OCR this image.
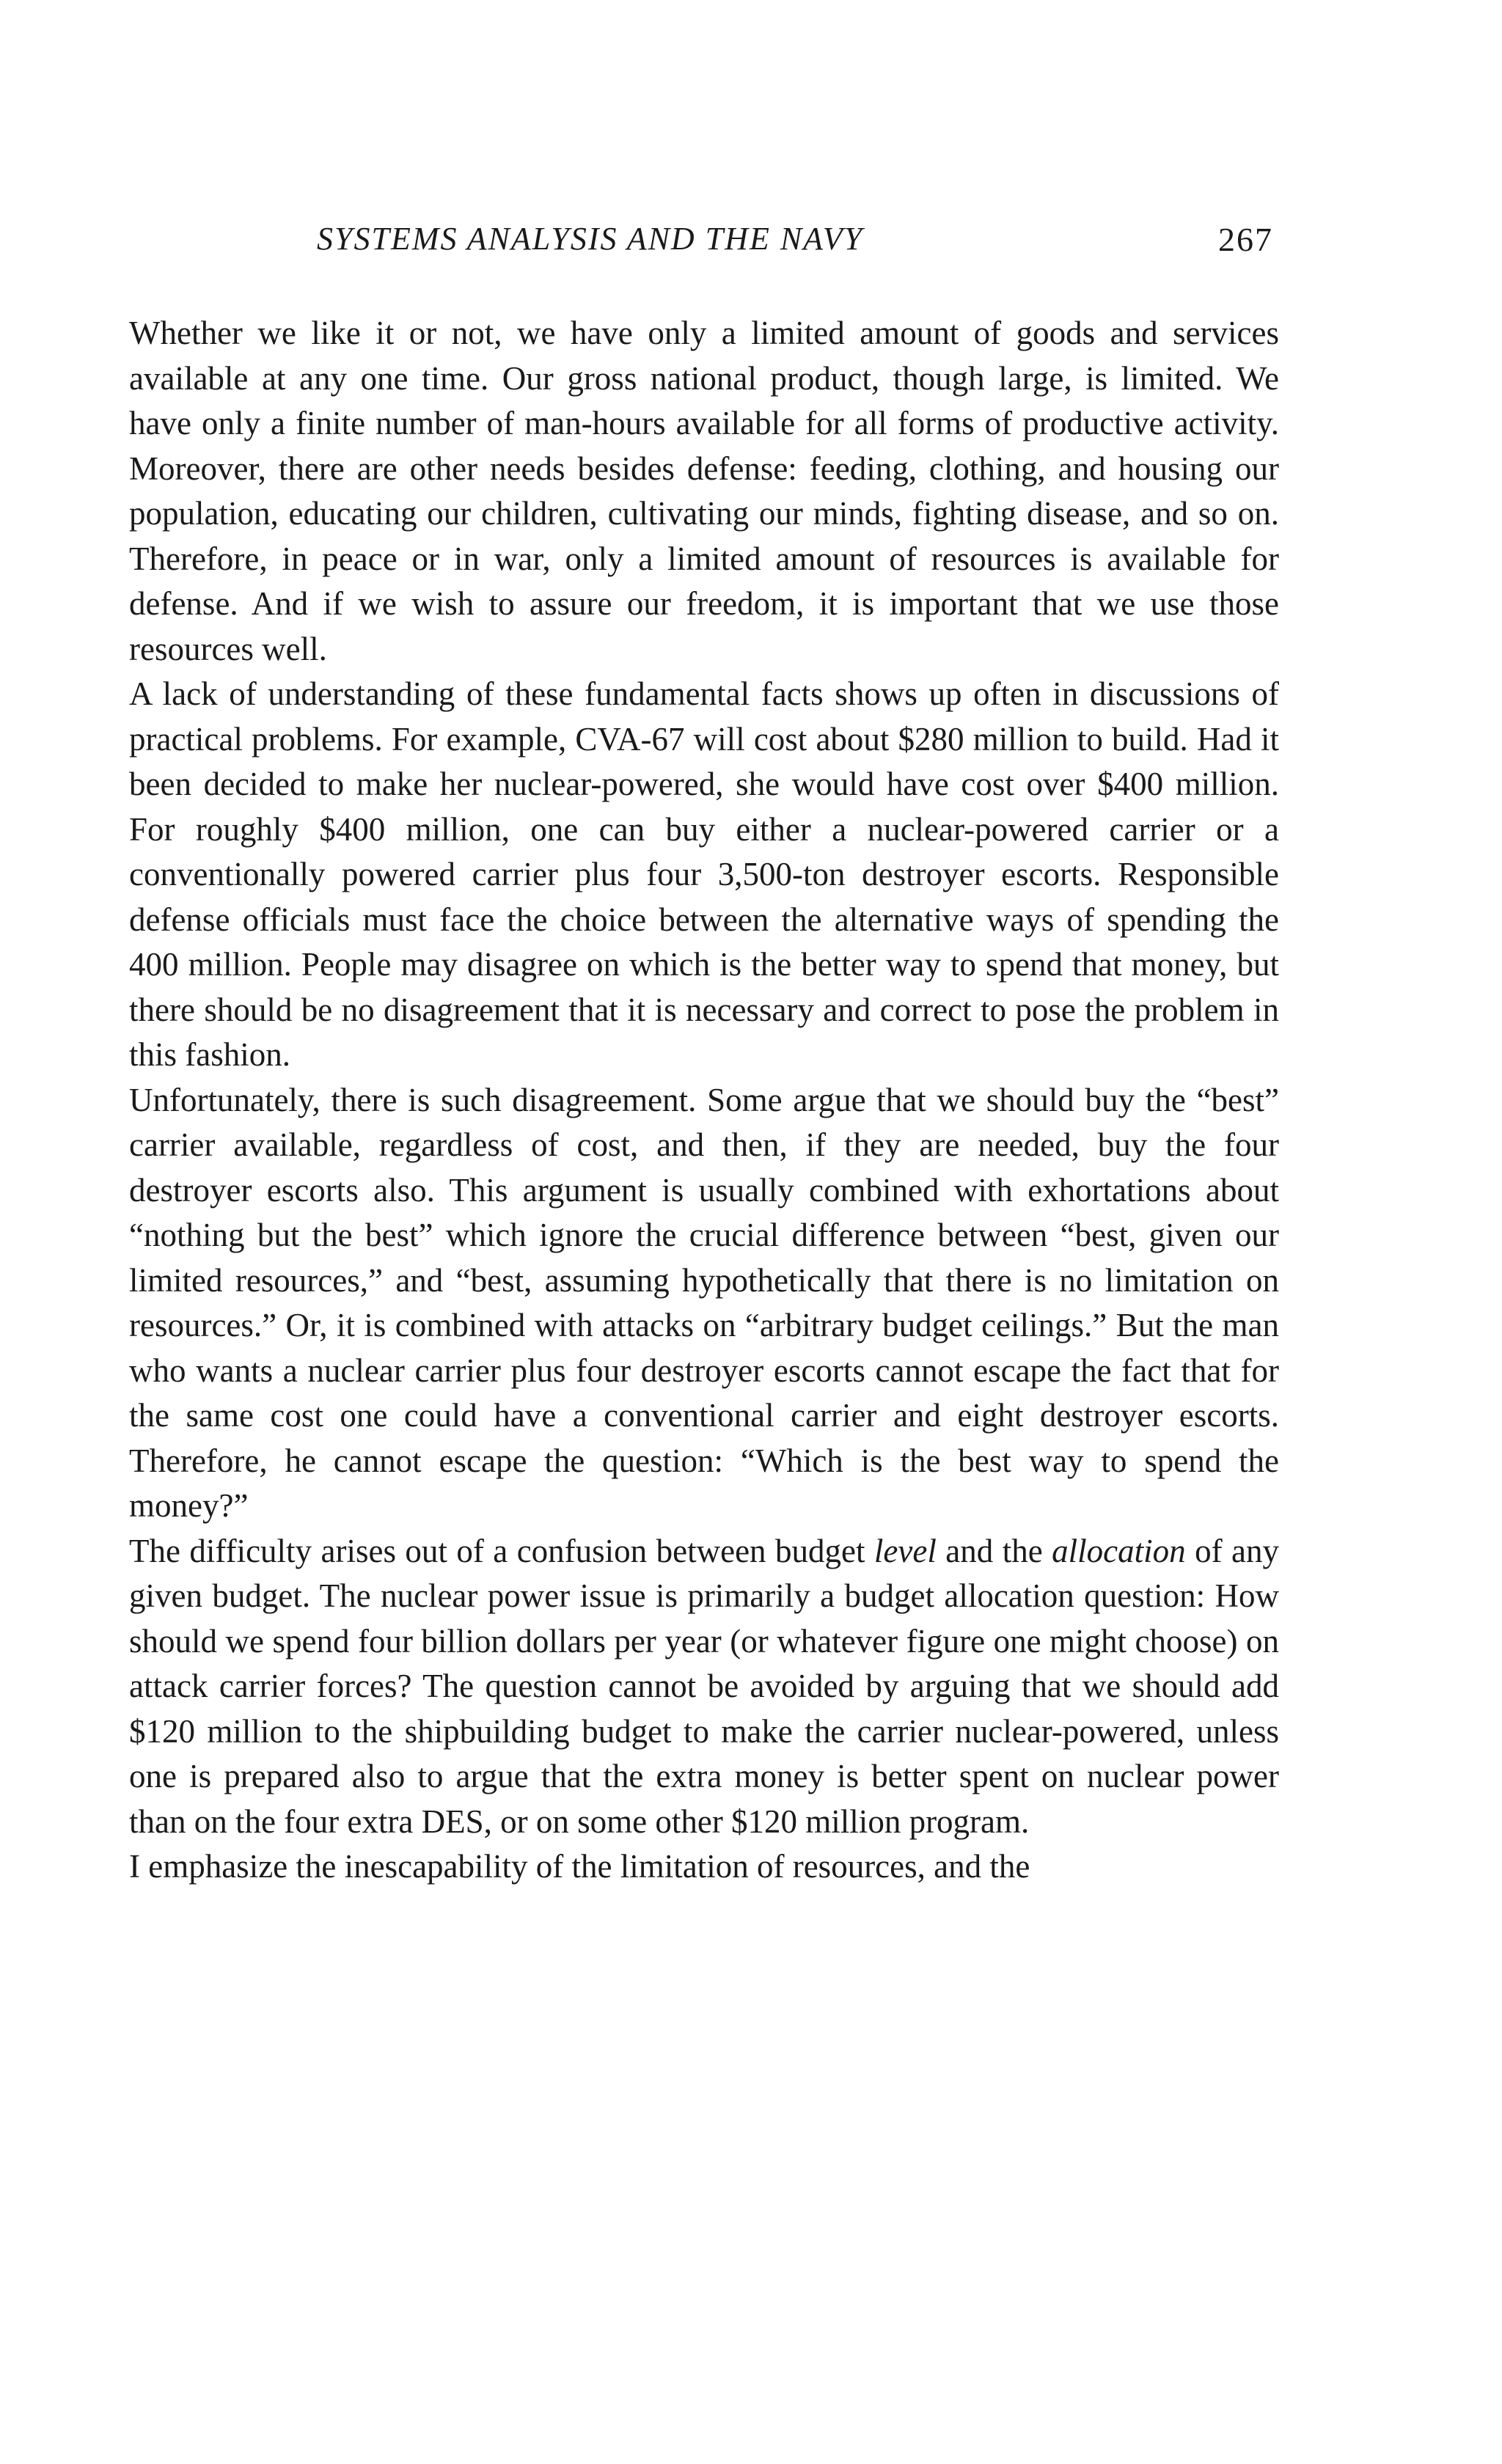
SYSTEMS ANALYSIS AND THE NAVY	267

Whether we like it or not, we have only a limited amount of goods and services available at any one time. Our gross national product, though large, is limited. We have only a finite number of man-hours available for all forms of productive activity. Moreover, there are other needs besides defense: feeding, clothing, and housing our population, educating our children, cultivating our minds, fighting disease, and so on. Therefore, in peace or in war, only a limited amount of resources is available for defense. And if we wish to assure our freedom, it is important that we use those resources well.

A lack of understanding of these fundamental facts shows up often in discussions of practical problems. For example, CVA-67 will cost about $280 million to build. Had it been decided to make her nuclear-powered, she would have cost over $400 million. For roughly $400 million, one can buy either a nuclear-powered carrier or a conventionally powered carrier plus four 3,500-ton destroyer escorts. Responsible defense officials must face the choice between the alternative ways of spending the 400 million. People may disagree on which is the better way to spend that money, but there should be no disagreement that it is necessary and correct to pose the problem in this fashion.

Unfortunately, there is such disagreement. Some argue that we should buy the “best” carrier available, regardless of cost, and then, if they are needed, buy the four destroyer escorts also. This argument is usually combined with exhortations about “nothing but the best” which ignore the crucial difference between “best, given our limited resources,” and “best, assuming hypothetically that there is no limitation on resources.” Or, it is combined with attacks on “arbitrary budget ceilings.” But the man who wants a nuclear carrier plus four destroyer escorts cannot escape the fact that for the same cost one could have a conventional carrier and eight destroyer escorts. Therefore, he cannot escape the question: “Which is the best way to spend the money?”

The difficulty arises out of a confusion between budget level and the allocation of any given budget. The nuclear power issue is primarily a budget allocation question: How should we spend four billion dollars per year (or whatever figure one might choose) on attack carrier forces? The question cannot be avoided by arguing that we should add $120 million to the shipbuilding budget to make the carrier nuclear-powered, unless one is prepared also to argue that the extra money is better spent on nuclear power than on the four extra DES, or on some other $120 million program.

I emphasize the inescapability of the limitation of resources, and the
